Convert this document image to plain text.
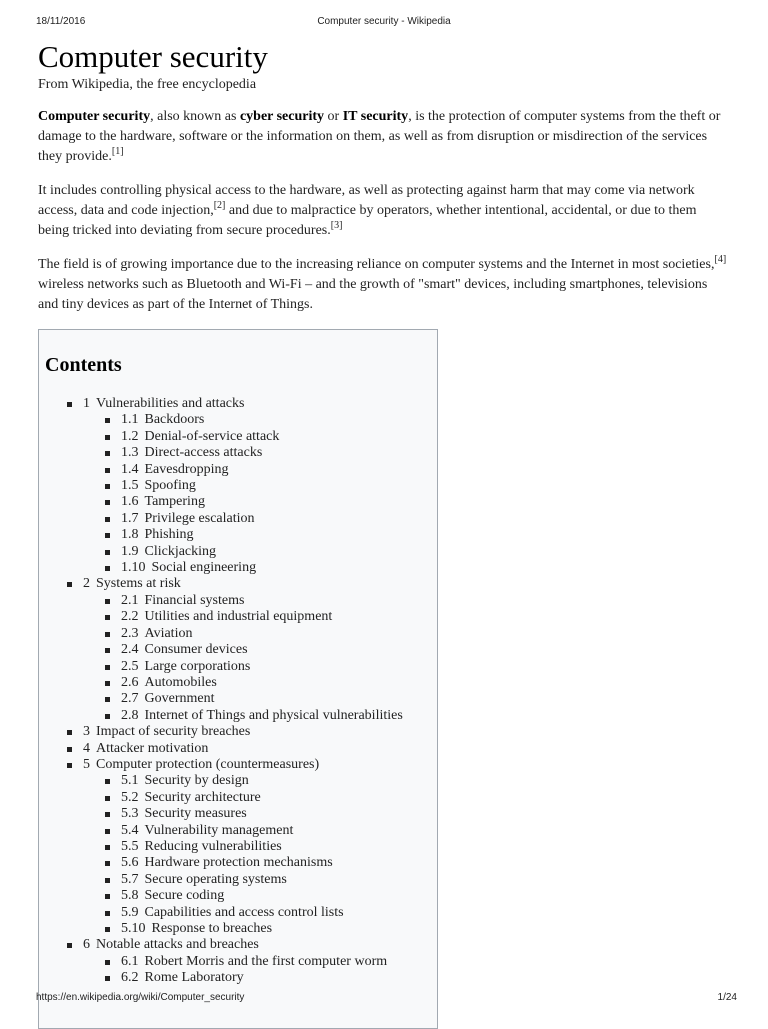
18/11/2016	Computer security - Wikipedia
Computer security
From Wikipedia, the free encyclopedia

Computer security, also known as cyber security or IT security, is the protection of computer systems from the theft or damage to the hardware, software or the information on them, as well as from disruption or misdirection of the services they provide.[1]

It includes controlling physical access to the hardware, as well as protecting against harm that may come via network access, data and code injection,[2] and due to malpractice by operators, whether intentional, accidental, or due to them being tricked into deviating from secure procedures.[3]

The field is of growing importance due to the increasing reliance on computer systems and the Internet in most societies,[4] wireless networks such as Bluetooth and Wi-Fi – and the growth of "smart" devices, including smartphones, televisions and tiny devices as part of the Internet of Things.

Contents
1 Vulnerabilities and attacks
1.1 Backdoors
1.2 Denial-of-service attack
1.3 Direct-access attacks
1.4 Eavesdropping
1.5 Spoofing
1.6 Tampering
1.7 Privilege escalation
1.8 Phishing
1.9 Clickjacking
1.10 Social engineering
2 Systems at risk
2.1 Financial systems
2.2 Utilities and industrial equipment
2.3 Aviation
2.4 Consumer devices
2.5 Large corporations
2.6 Automobiles
2.7 Government
2.8 Internet of Things and physical vulnerabilities
3 Impact of security breaches
4 Attacker motivation
5 Computer protection (countermeasures)
5.1 Security by design
5.2 Security architecture
5.3 Security measures
5.4 Vulnerability management
5.5 Reducing vulnerabilities
5.6 Hardware protection mechanisms
5.7 Secure operating systems
5.8 Secure coding
5.9 Capabilities and access control lists
5.10 Response to breaches
6 Notable attacks and breaches
6.1 Robert Morris and the first computer worm
6.2 Rome Laboratory
https://en.wikipedia.org/wiki/Computer_security	1/24
